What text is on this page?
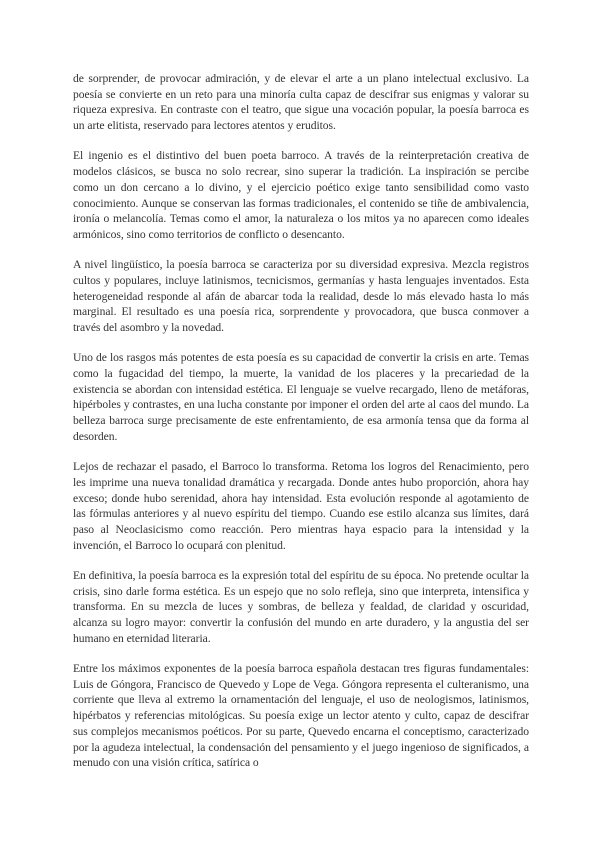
de sorprender, de provocar admiración, y de elevar el arte a un plano intelectual exclusivo. La poesía se convierte en un reto para una minoría culta capaz de descifrar sus enigmas y valorar su riqueza expresiva. En contraste con el teatro, que sigue una vocación popular, la poesía barroca es un arte elitista, reservado para lectores atentos y eruditos.

El ingenio es el distintivo del buen poeta barroco. A través de la reinterpretación creativa de modelos clásicos, se busca no solo recrear, sino superar la tradición. La inspiración se percibe como un don cercano a lo divino, y el ejercicio poético exige tanto sensibilidad como vasto conocimiento. Aunque se conservan las formas tradicionales, el contenido se tiñe de ambivalencia, ironía o melancolía. Temas como el amor, la naturaleza o los mitos ya no aparecen como ideales armónicos, sino como territorios de conflicto o desencanto.

A nivel lingüístico, la poesía barroca se caracteriza por su diversidad expresiva. Mezcla registros cultos y populares, incluye latinismos, tecnicismos, germanías y hasta lenguajes inventados. Esta heterogeneidad responde al afán de abarcar toda la realidad, desde lo más elevado hasta lo más marginal. El resultado es una poesía rica, sorprendente y provocadora, que busca conmover a través del asombro y la novedad.

Uno de los rasgos más potentes de esta poesía es su capacidad de convertir la crisis en arte. Temas como la fugacidad del tiempo, la muerte, la vanidad de los placeres y la precariedad de la existencia se abordan con intensidad estética. El lenguaje se vuelve recargado, lleno de metáforas, hipérboles y contrastes, en una lucha constante por imponer el orden del arte al caos del mundo. La belleza barroca surge precisamente de este enfrentamiento, de esa armonía tensa que da forma al desorden.

Lejos de rechazar el pasado, el Barroco lo transforma. Retoma los logros del Renacimiento, pero les imprime una nueva tonalidad dramática y recargada. Donde antes hubo proporción, ahora hay exceso; donde hubo serenidad, ahora hay intensidad. Esta evolución responde al agotamiento de las fórmulas anteriores y al nuevo espíritu del tiempo. Cuando ese estilo alcanza sus límites, dará paso al Neoclasicismo como reacción. Pero mientras haya espacio para la intensidad y la invención, el Barroco lo ocupará con plenitud.

En definitiva, la poesía barroca es la expresión total del espíritu de su época. No pretende ocultar la crisis, sino darle forma estética. Es un espejo que no solo refleja, sino que interpreta, intensifica y transforma. En su mezcla de luces y sombras, de belleza y fealdad, de claridad y oscuridad, alcanza su logro mayor: convertir la confusión del mundo en arte duradero, y la angustia del ser humano en eternidad literaria.

Entre los máximos exponentes de la poesía barroca española destacan tres figuras fundamentales: Luis de Góngora, Francisco de Quevedo y Lope de Vega. Góngora representa el culteranismo, una corriente que lleva al extremo la ornamentación del lenguaje, el uso de neologismos, latinismos, hipérbatos y referencias mitológicas. Su poesía exige un lector atento y culto, capaz de descifrar sus complejos mecanismos poéticos. Por su parte, Quevedo encarna el conceptismo, caracterizado por la agudeza intelectual, la condensación del pensamiento y el juego ingenioso de significados, a menudo con una visión crítica, satírica o
